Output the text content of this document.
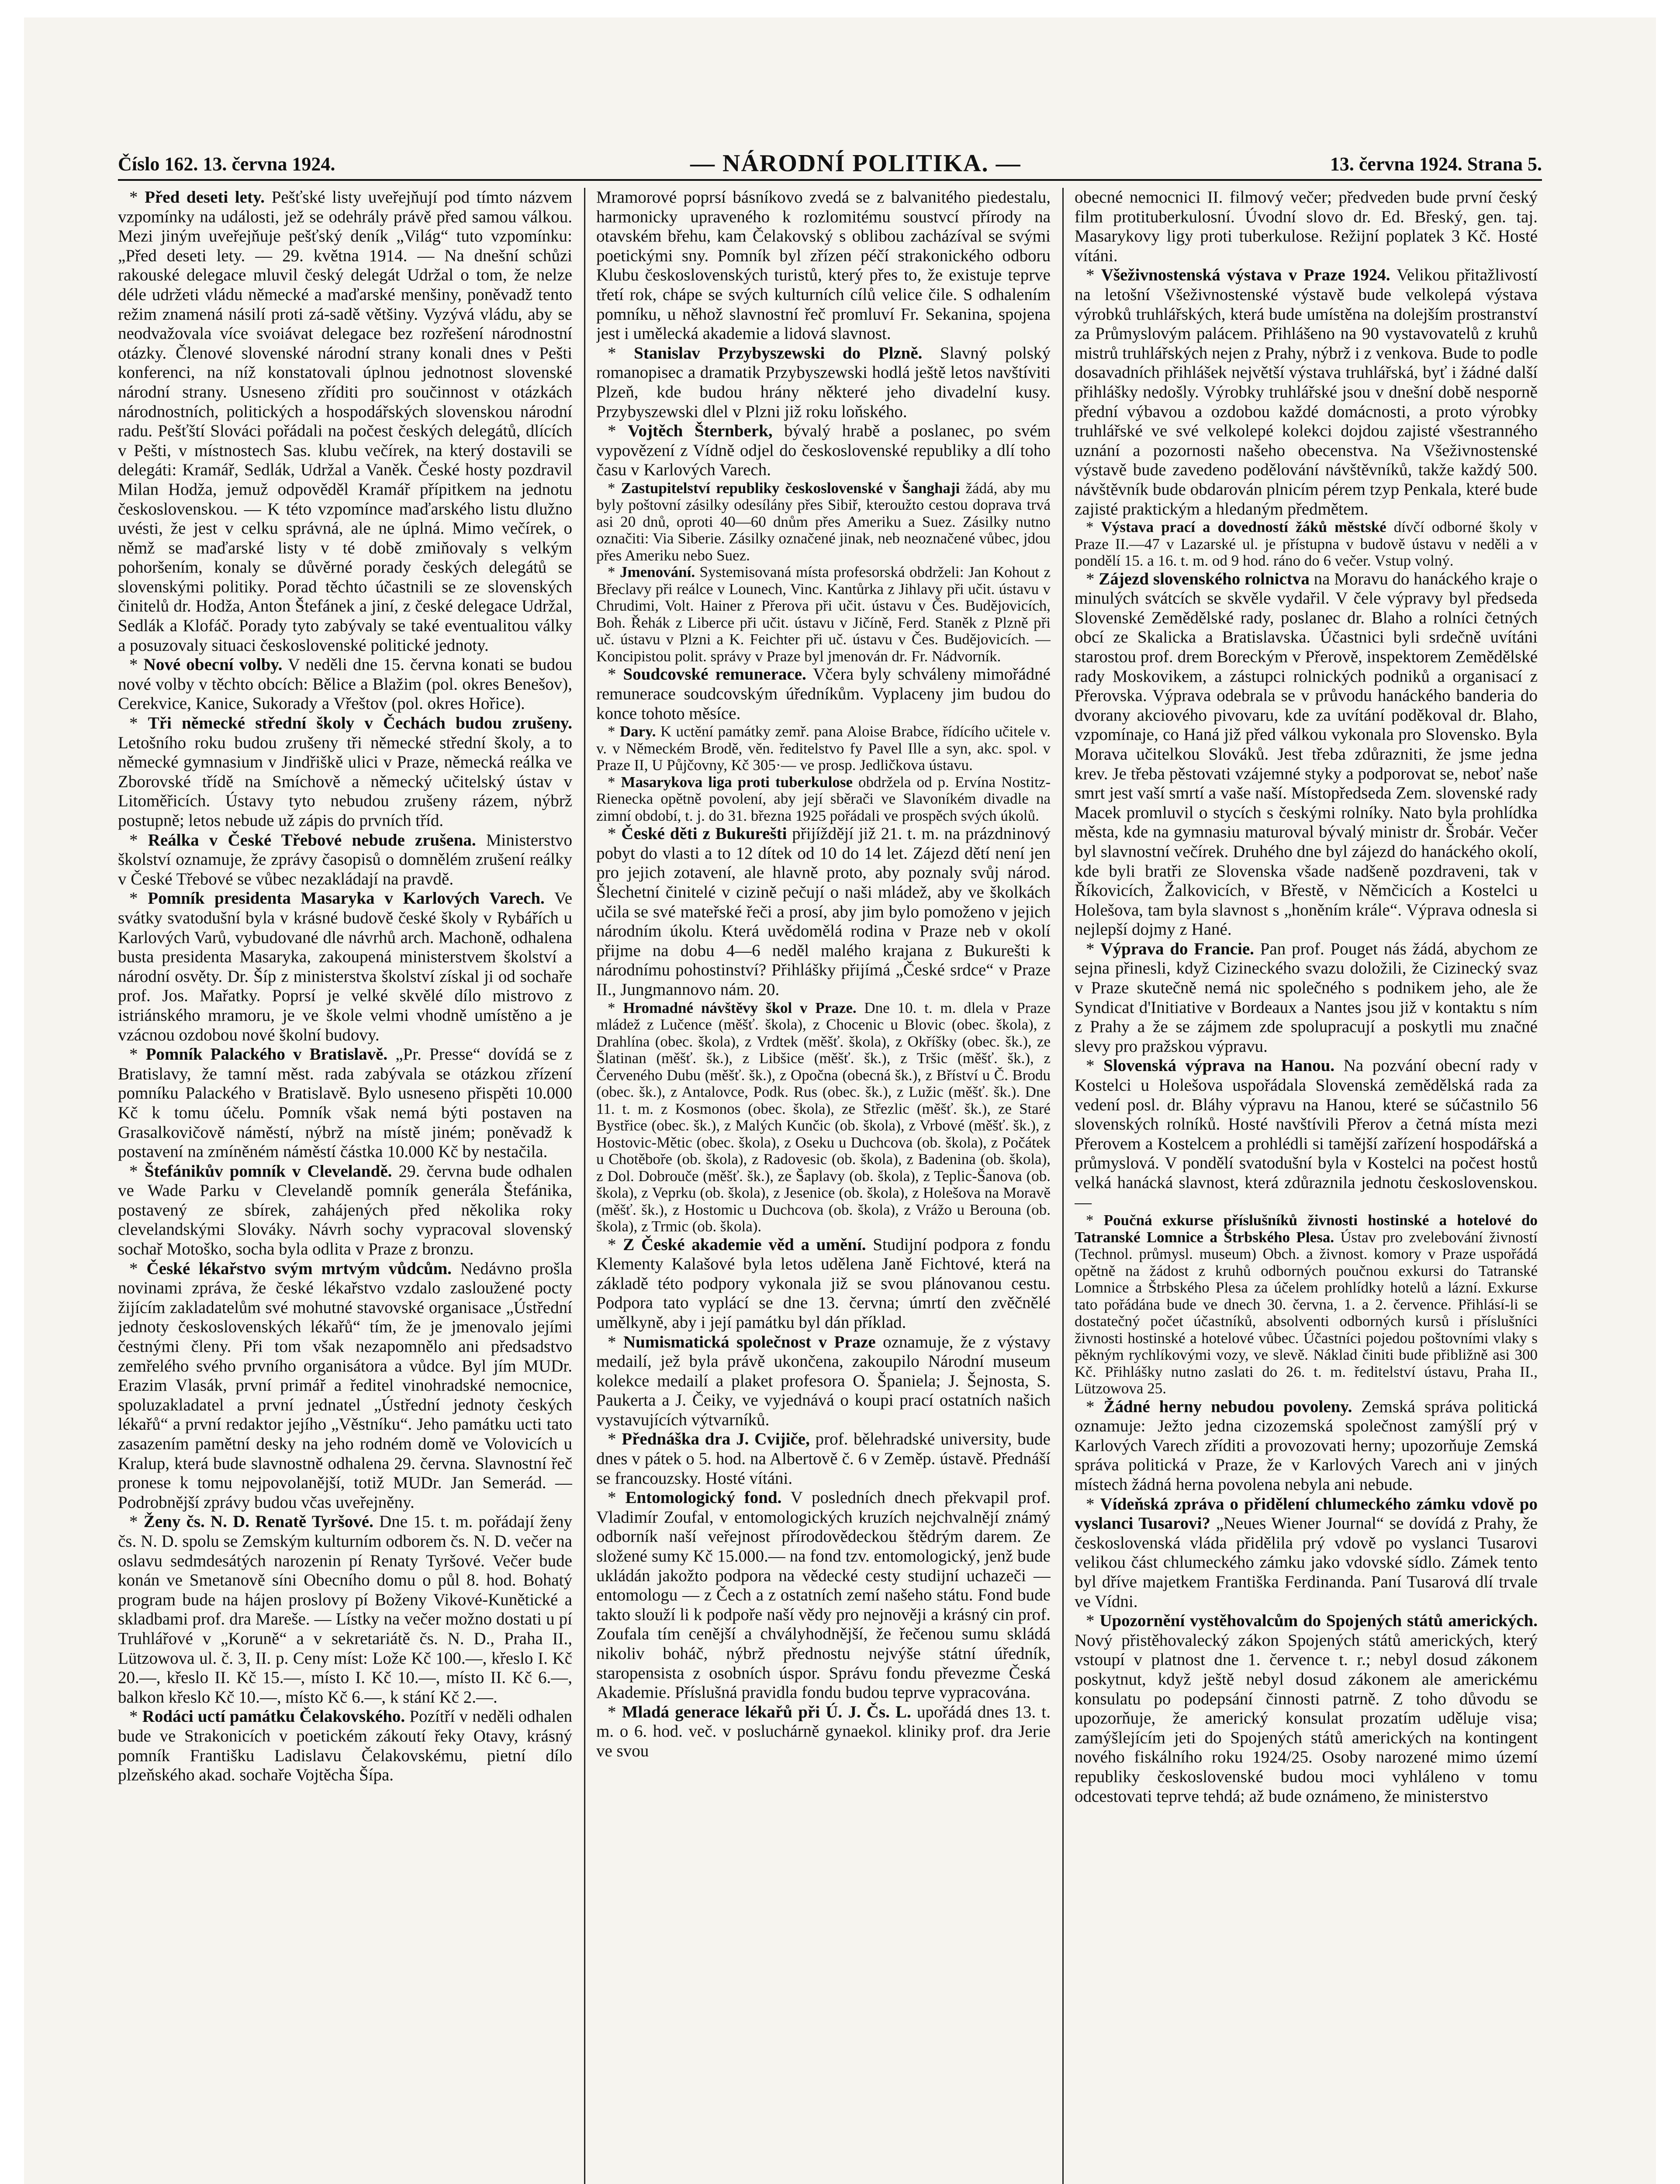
Číslo 162. 13. června 1924.	— NÁRODNÍ POLITIKA. —	13. června 1924. Strana 5.

* Před deseti lety. Pešťské listy uveřejňují pod tímto názvem vzpomínky na události, jež se odehrály právě před samou válkou. Mezi jiným uveřejňuje pešťský deník „Világ“ tuto vzpomínku: „Před deseti lety. — 29. května 1914. — Na dnešní schůzi rakouské delegace mluvil český delegát Udržal o tom, že nelze déle udržeti vládu německé a maďarské menšiny, poněvadž tento režim znamená násilí proti zá-sadě většiny. Vyzývá vládu, aby se neodvažovala více svoiávat delegace bez rozřešení národnostní otázky. Členové slovenské národní strany konali dnes v Pešti konferenci, na níž konstatovali úplnou jednotnost slovenské národní strany. Usneseno zříditi pro součinnost v otázkách národnostních, politických a hospodářských slovenskou národní radu. Pešťští Slováci pořádali na počest českých delegátů, dlících v Pešti, v místnostech Sas. klubu večírek, na který dostavili se delegáti: Kramář, Sedlák, Udržal a Vaněk. České hosty pozdravil Milan Hodža, jemuž odpověděl Kramář přípitkem na jednotu československou. — K této vzpomínce maďarského listu dlužno uvésti, že jest v celku správná, ale ne úplná. Mimo večírek, o němž se maďarské listy v té době zmiňovaly s velkým pohoršením, konaly se důvěrné porady českých delegátů se slovenskými politiky. Porad těchto účastnili se ze slovenských činitelů dr. Hodža, Anton Štefánek a jiní, z české delegace Udržal, Sedlák a Klofáč. Porady tyto zabývaly se také eventualitou války a posuzovaly situaci československé politické jednoty.

* Nové obecní volby. V neděli dne 15. června konati se budou nové volby v těchto obcích: Bělice a Blažim (pol. okres Benešov), Cerekvice, Kanice, Sukorady a Vřeštov (pol. okres Hořice).

* Tři německé střední školy v Čechách budou zrušeny. Letošního roku budou zrušeny tři německé střední školy, a to německé gymnasium v Jindřiškě ulici v Praze, německá reálka ve Zborovské třídě na Smíchově a německý učitelský ústav v Litoměřicích. Ústavy tyto nebudou zrušeny rázem, nýbrž postupně; letos nebude už zápis do prvních tříd.

* Reálka v České Třebové nebude zrušena. Ministerstvo školství oznamuje, že zprávy časopisů o domnělém zrušení reálky v České Třebové se vůbec nezakládají na pravdě.

* Pomník presidenta Masaryka v Karlových Varech. Ve svátky svatodušní byla v krásné budově české školy v Rybářích u Karlových Varů, vybudované dle návrhů arch. Machoně, odhalena busta presidenta Masaryka, zakoupená ministerstvem školství a národní osvěty. Dr. Šíp z ministerstva školství získal ji od sochaře prof. Jos. Mařatky. Poprsí je velké skvělé dílo mistrovo z istriánského mramoru, je ve škole velmi vhodně umístěno a je vzácnou ozdobou nové školní budovy.

* Pomník Palackého v Bratislavě. „Pr. Presse“ dovídá se z Bratislavy, že tamní měst. rada zabývala se otázkou zřízení pomníku Palackého v Bratislavě. Bylo usneseno přispěti 10.000 Kč k tomu účelu. Pomník však nemá býti postaven na Grasalkovičově náměstí, nýbrž na místě jiném; poněvadž k postavení na zmíněném náměstí částka 10.000 Kč by nestačila.

* Štefánikův pomník v Clevelandě. 29. června bude odhalen ve Wade Parku v Clevelandě pomník generála Štefánika, postavený ze sbírek, zahájených před několika roky clevelandskými Slováky. Návrh sochy vypracoval slovenský sochař Motoško, socha byla odlita v Praze z bronzu.

* České lékařstvo svým mrtvým vůdcům. Nedávno prošla novinami zpráva, že české lékařstvo vzdalo zasloužené pocty žijícím zakladatelům své mohutné stavovské organisace „Ústřední jednoty československých lékařů“ tím, že je jmenovalo jejími čestnými členy. Při tom však nezapomnělo ani předsadstvo zemřelého svého prvního organisátora a vůdce. Byl jím MUDr. Erazim Vlasák, první primář a ředitel vinohradské nemocnice, spoluzakladatel a první jednatel „Ústřední jednoty českých lékařů“ a první redaktor jejího „Věstníku“. Jeho památku ucti tato zasazením pamětní desky na jeho rodném domě ve Volovicích u Kralup, která bude slavnostně odhalena 29. června. Slavnostní řeč pronese k tomu nejpovolanější, totiž MUDr. Jan Semerád. — Podrobnější zprávy budou včas uveřejněny.

* Ženy čs. N. D. Renatě Tyršové. Dne 15. t. m. pořádají ženy čs. N. D. spolu se Zemským kulturním odborem čs. N. D. večer na oslavu sedmdesátých narozenin pí Renaty Tyršové. Večer bude konán ve Smetanově síni Obecního domu o půl 8. hod. Bohatý program bude na hájen proslovy pí Boženy Vikové-Kunětické a skladbami prof. dra Mareše. — Lístky na večer možno dostati u pí Truhlářové v „Koruně“ a v sekretariátě čs. N. D., Praha II., Lützowova ul. č. 3, II. p. Ceny míst: Lože Kč 100.—, křeslo I. Kč 20.—, křeslo II. Kč 15.—, místo I. Kč 10.—, místo II. Kč 6.—, balkon křeslo Kč 10.—, místo Kč 6.—, k stání Kč 2.—.

* Rodáci uctí památku Čelakovského. Pozítří v neděli odhalen bude ve Strakonicích v poetickém zákoutí řeky Otavy, krásný pomník Františku Ladislavu Čelakovskému, pietní dílo plzeňského akad. sochaře Vojtěcha Šípa.

Mramorové poprsí básníkovo zvedá se z balvanitého piedestalu, harmonicky upraveného k rozlomitému soustvcí přírody na otavském břehu, kam Čelakovský s oblibou zacházíval se svými poetickými sny. Pomník byl zřízen péčí strakonického odboru Klubu československých turistů, který přes to, že existuje teprve třetí rok, chápe se svých kulturních cílů velice čile. S odhalením pomníku, u něhož slavnostní řeč promluví Fr. Sekanina, spojena jest i umělecká akademie a lidová slavnost.

* Stanislav Przybyszewski do Plzně. Slavný polský romanopisec a dramatik Przybyszewski hodlá ještě letos navštíviti Plzeň, kde budou hrány některé jeho divadelní kusy. Przybyszewski dlel v Plzni již roku loňského.

* Vojtěch Šternberk, bývalý hrabě a poslanec, po svém vypovězení z Vídně odjel do československé republiky a dlí toho času v Karlových Varech.

* Zastupitelství republiky československé v Šanghaji žádá, aby mu byly poštovní zásilky odesílány přes Sibiř, kteroužto cestou doprava trvá asi 20 dnů, oproti 40—60 dnům přes Ameriku a Suez. Zásilky nutno označiti: Via Siberie. Zásilky označené jinak, neb neoznačené vůbec, jdou přes Ameriku nebo Suez.

* Jmenování. Systemisovaná místa profesorská obdrželi: Jan Kohout z Břeclavy při reálce v Lounech, Vinc. Kantůrka z Jihlavy při učit. ústavu v Chrudimi, Volt. Hainer z Přerova při učit. ústavu v Čes. Budějovicích, Boh. Řehák z Liberce při učit. ústavu v Jičíně, Ferd. Staněk z Plzně při uč. ústavu v Plzni a K. Feichter při uč. ústavu v Čes. Budějovicích. — Koncipistou polit. správy v Praze byl jmenován dr. Fr. Nádvorník.

* Soudcovské remunerace. Včera byly schváleny mimořádné remunerace soudcovským úředníkům. Vyplaceny jim budou do konce tohoto měsíce.

* Dary. K uctění památky zemř. pana Aloise Brabce, řídícího učitele v. v. v Německém Brodě, věn. ředitelstvo fy Pavel Ille a syn, akc. spol. v Praze II, U Půjčovny, Kč 305·— ve prosp. Jedličkova ústavu.

* Masarykova liga proti tuberkulose obdržela od p. Ervína Nostitz-Rieneckа opětně povolení, aby její sběrači ve Slavoníkém divadle na zimní období, t. j. do 31. března 1925 pořádali ve prospěch svých úkolů.

* České děti z Bukurešti přijíždějí již 21. t. m. na prázdninový pobyt do vlasti a to 12 dítek od 10 do 14 let. Zájezd dětí není jen pro jejich zotavení, ale hlavně proto, aby poznaly svůj národ. Šlechetní činitelé v cizině pečují o naši mládež, aby ve školkách učila se své mateřské řeči a prosí, aby jim bylo pomoženo v jejich národním úkolu. Která uvědomělá rodina v Praze neb v okolí přijme na dobu 4—6 neděl malého krajana z Bukurešti k národnímu pohostinství? Přihlášky přijímá „České srdce“ v Praze II., Jungmannovo nám. 20.

* Hromadné návštěvy škol v Praze. Dne 10. t. m. dlela v Praze mládež z Lučence (měšť. škola), z Chocenic u Blovic (obec. škola), z Drahlína (obec. škola), z Vrdtek (měšť. škola), z Okříšky (obec. šk.), ze Šlatinan (měšť. šk.), z Libšice (měšť. šk.), z Tršic (měšť. šk.), z Červeného Dubu (měšť. šk.), z Opočna (obecná šk.), z Bříství u Č. Brodu (obec. šk.), z Antalovce, Podk. Rus (obec. šk.), z Lužic (měšť. šk.). Dne 11. t. m. z Kosmonos (obec. škola), ze Střezlic (měšť. šk.), ze Staré Bystřice (obec. šk.), z Malých Kunčic (ob. škola), z Vrbové (měšť. šk.), z Hostovic-Mětic (obec. škola), z Oseku u Duchcova (ob. škola), z Počátek u Chotěboře (ob. škola), z Radovesic (ob. škola), z Badenina (ob. škola), z Dol. Dobrouče (měšť. šk.), ze Šaplavy (ob. škola), z Teplic-Šanova (ob. škola), z Veprku (ob. škola), z Jesenice (ob. škola), z Holešova na Moravě (měšť. šk.), z Hostomic u Duchcova (ob. škola), z Vrážo u Berouna (ob. škola), z Trmic (ob. škola).

* Z České akademie věd a umění. Studijní podpora z fondu Klementy Kalašové byla letos udělena Janě Fichtové, která na základě této podpory vykonala již se svou plánovanou cestu. Podpora tato vyplácí se dne 13. června; úmrtí den zvěčnělé umělkyně, aby i její památku byl dán příklad.

* Numismatická společnost v Praze oznamuje, že z výstavy medailí, jež byla právě ukončena, zakoupilo Národní museum kolekce medailí a plaket profesora O. Španiela; J. Šejnosta, S. Paukerta a J. Čeiky, ve vyjednává o koupi prací ostatních našich vystavujících výtvarníků.

* Přednáška dra J. Cvijiče, prof. bělehradské university, bude dnes v pátek o 5. hod. na Albertově č. 6 v Zeměp. ústavě. Přednáší se francouzsky. Hosté vítáni.

* Entomologický fond. V posledních dnech překvapil prof. Vladimír Zoufal, v entomologických kruzích nejchvalnějí známý odborník naší veřejnost přírodovědeckou štědrým darem. Ze složené sumy Kč 15.000.— na fond tzv. entomologický, jenž bude ukládán jakožto podpora na vědecké cesty studijní uchazeči — entomologu — z Čech a z ostatních zemí našeho státu. Fond bude takto slouží li k podpoře naší vědy pro nejnověji a krásný cin prof. Zoufala tím cenější a chvályhodnější, že řečenou sumu skládá nikoliv boháč, nýbrž přednostu nejvýše státní úředník, staropensista z osobních úspor. Správu fondu převezme Česká Akademie. Příslušná pravidla fondu budou teprve vypracována.

* Mladá generace lékařů při Ú. J. Čs. L. upořádá dnes 13. t. m. o 6. hod. več. v posluchárně gynaekol. kliniky prof. dra Jerie ve svou

obecné nemocnici II. filmový večer; předveden bude první český film protituberkulosní. Úvodní slovo dr. Ed. Břeský, gen. taj. Masarykovy ligy proti tuberkulose. Režijní poplatek 3 Kč. Hosté vítáni.

* Všeživnostenská výstava v Praze 1924. Velikou přitažlivostí na letošní Všeživnostenské výstavě bude velkolepá výstava výrobků truhlářských, která bude umístěna na dolejším prostranství za Průmyslovým palácem. Přihlášeno na 90 vystavovatelů z kruhů mistrů truhlářských nejen z Prahy, nýbrž i z venkova. Bude to podle dosavadních přihlášek největší výstava truhlářská, byť i žádné další přihlášky nedošly. Výrobky truhlářské jsou v dnešní době nesporně přední výbavou a ozdobou každé domácnosti, a proto výrobky truhlářské ve své velkolepé kolekci dojdou zajisté všestranného uznání a pozornosti našeho obecenstva. Na Všeživnostenské výstavě bude zavedeno podělování návštěvníků, takže každý 500. návštěvník bude obdarován plnicím pérem tzyp Penkala, které bude zajisté praktickým a hledaným předmětem.

* Výstava prací a dovedností žáků městské dívčí odborné školy v Praze II.—47 v Lazarské ul. je přístupna v budově ústavu v neděli a v pondělí 15. a 16. t. m. od 9 hod. ráno do 6 večer. Vstup volný.

* Zájezd slovenského rolnictva na Moravu do hanáckého kraje o minulých svátcích se skvěle vydařil. V čele výpravy byl předseda Slovenské Zemědělské rady, poslanec dr. Blaho a rolníci četných obcí ze Skalicka a Bratislavska. Účastnici byli srdečně uvítáni starostou prof. drem Boreckým v Přerově, inspektorem Zemědělské rady Moskovikem, a zástupci rolnických podniků a organisací z Přerovska. Výprava odebrala se v průvodu hanáckého banderia do dvorany akciového pivovaru, kde za uvítání poděkoval dr. Blaho, vzpomínaje, co Haná již před válkou vykonala pro Slovensko. Byla Morava učitelkou Slováků. Jest třeba zdůrazniti, že jsme jedna krev. Je třeba pěstovati vzájemné styky a podporovat se, neboť naše smrt jest vaší smrtí a vaše naší. Místopředseda Zem. slovenské rady Macek promluvil o stycích s českými rolníky. Nato byla prohlídka města, kde na gymnasiu maturoval bývalý ministr dr. Šrobár. Večer byl slavnostní večírek. Druhého dne byl zájezd do hanáckého okolí, kde byli bratři ze Slovenska všade nadšeně pozdraveni, tak v Říkovicích, Žalkovicích, v Břestě, v Němčicích a Kostelci u Holešova, tam byla slavnost s „honěním krále“. Výprava odnesla si nejlepší dojmy z Hané.

* Výprava do Francie. Pan prof. Pouget nás žádá, abychom ze sejna přinesli, když Cizineckého svazu doložili, že Cizinecký svaz v Praze skutečně nemá nic společného s podnikem jeho, ale že Syndicat d'Initiative v Bordeaux a Nantes jsou již v kontaktu s ním z Prahy a že se zájmem zde spolupracují a poskytli mu značné slevy pro pražskou výpravu.

* Slovenská výprava na Hanou. Na pozvání obecní rady v Kostelci u Holešova uspořádala Slovenská zemědělská rada za vedení posl. dr. Bláhy výpravu na Hanou, které se súčastnilo 56 slovenských rolníků. Hosté navštívili Přerov a četná místa mezi Přerovem a Kostelcem a prohlédli si tamější zařízení hospodářská a průmyslová. V pondělí svatodušní byla v Kostelci na počest hostů velká hanácká slavnost, která zdůraznila jednotu československou. —

* Poučná exkurse příslušníků živnosti hostinské a hotelové do Tatranské Lomnice a Štrbského Plesa. Ústav pro zvelebování živností (Technol. průmysl. museum) Obch. a živnost. komory v Praze uspořádá opětně na žádost z kruhů odborných poučnou exkursi do Tatranské Lomnice a Štrbského Plesa za účelem prohlídky hotelů a lázní. Exkurse tato pořádána bude ve dnech 30. června, 1. a 2. července. Přihlásí-li se dostatečný počet účastníků, absolventi odborných kursů i příslušníci živnosti hostinské a hotelové vůbec. Účastníci pojedou poštovními vlaky s pěkným rychlíkovými vozy, ve slevě. Náklad činiti bude přibližně asi 300 Kč. Přihlášky nutno zaslati do 26. t. m. ředitelství ústavu, Praha II., Lützowova 25.

* Žádné herny nebudou povoleny. Zemská správa politická oznamuje: Ježto jedna cizozemská společnost zamýšlí prý v Karlových Varech zříditi a provozovati herny; upozorňuje Zemská správa politická v Praze, že v Karlových Varech ani v jiných místech žádná herna povolena nebyla ani nebude.

* Vídeňská zpráva o přidělení chlumeckého zámku vdově po vyslanci Tusarovi? „Neues Wiener Journal“ se dovídá z Prahy, že československá vláda přidělila prý vdově po vyslanci Tusarovi velikou část chlumeckého zámku jako vdovské sídlo. Zámek tento byl dříve majetkem Františka Ferdinanda. Paní Tusarová dlí trvale ve Vídni.

* Upozornění vystěhovalcům do Spojených států amerických. Nový přistěhovalecký zákon Spojených států amerických, který vstoupí v platnost dne 1. července t. r.; nebyl dosud zákonem poskytnut, když ještě nebyl dosud zákonem ale americkému konsulatu po podepsání činnosti patrně. Z toho důvodu se upozorňuje, že americký konsulat prozatím uděluje visa; zamýšlejícím jeti do Spojených států amerických na kontingent nového fiskálního roku 1924/25. Osoby narozené mimo území republiky československé budou moci vyhláleno v tomu odcestovati teprve tehdá; až bude oznámeno, že ministerstvo
